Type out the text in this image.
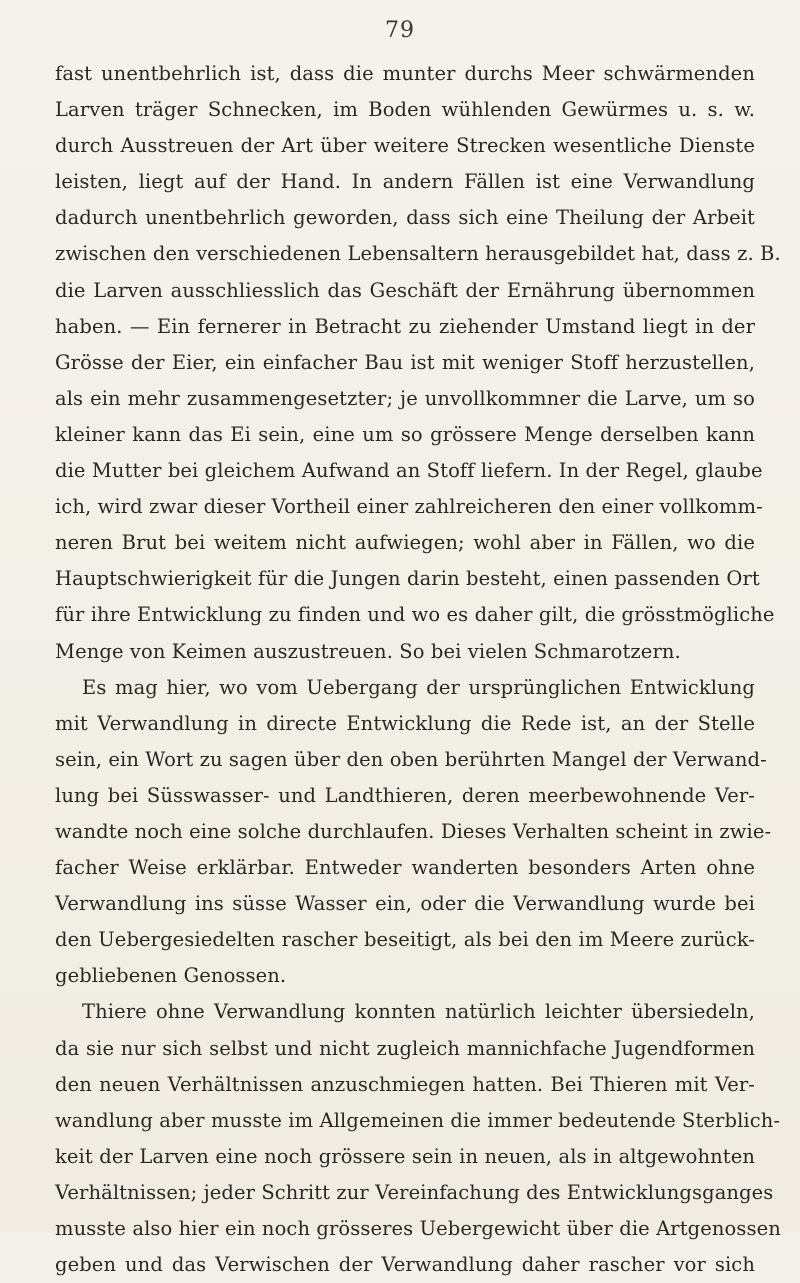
79
fast unentbehrlich ist, dass die munter durchs Meer schwärmenden
Larven träger Schnecken, im Boden wühlenden Gewürmes u. s. w.
durch Ausstreuen der Art über weitere Strecken wesentliche Dienste
leisten, liegt auf der Hand. In andern Fällen ist eine Verwandlung
dadurch unentbehrlich geworden, dass sich eine Theilung der Arbeit
zwischen den verschiedenen Lebensaltern herausgebildet hat, dass z. B.
die Larven ausschliesslich das Geschäft der Ernährung übernommen
haben. — Ein fernerer in Betracht zu ziehender Umstand liegt in der
Grösse der Eier, ein einfacher Bau ist mit weniger Stoff herzustellen,
als ein mehr zusammengesetzter; je unvollkommner die Larve, um so
kleiner kann das Ei sein, eine um so grössere Menge derselben kann
die Mutter bei gleichem Aufwand an Stoff liefern. In der Regel, glaube
ich, wird zwar dieser Vortheil einer zahlreicheren den einer vollkomm-
neren Brut bei weitem nicht aufwiegen; wohl aber in Fällen, wo die
Hauptschwierigkeit für die Jungen darin besteht, einen passenden Ort
für ihre Entwicklung zu finden und wo es daher gilt, die grösstmögliche
Menge von Keimen auszustreuen. So bei vielen Schmarotzern.
Es mag hier, wo vom Uebergang der ursprünglichen Entwicklung
mit Verwandlung in directe Entwicklung die Rede ist, an der Stelle
sein, ein Wort zu sagen über den oben berührten Mangel der Verwand-
lung bei Süsswasser- und Landthieren, deren meerbewohnende Ver-
wandte noch eine solche durchlaufen. Dieses Verhalten scheint in zwie-
facher Weise erklärbar. Entweder wanderten besonders Arten ohne
Verwandlung ins süsse Wasser ein, oder die Verwandlung wurde bei
den Uebergesiedelten rascher beseitigt, als bei den im Meere zurück-
gebliebenen Genossen.
Thiere ohne Verwandlung konnten natürlich leichter übersiedeln,
da sie nur sich selbst und nicht zugleich mannichfache Jugendformen
den neuen Verhältnissen anzuschmiegen hatten. Bei Thieren mit Ver-
wandlung aber musste im Allgemeinen die immer bedeutende Sterblich-
keit der Larven eine noch grössere sein in neuen, als in altgewohnten
Verhältnissen; jeder Schritt zur Vereinfachung des Entwicklungsganges
musste also hier ein noch grösseres Uebergewicht über die Artgenossen
geben und das Verwischen der Verwandlung daher rascher vor sich
